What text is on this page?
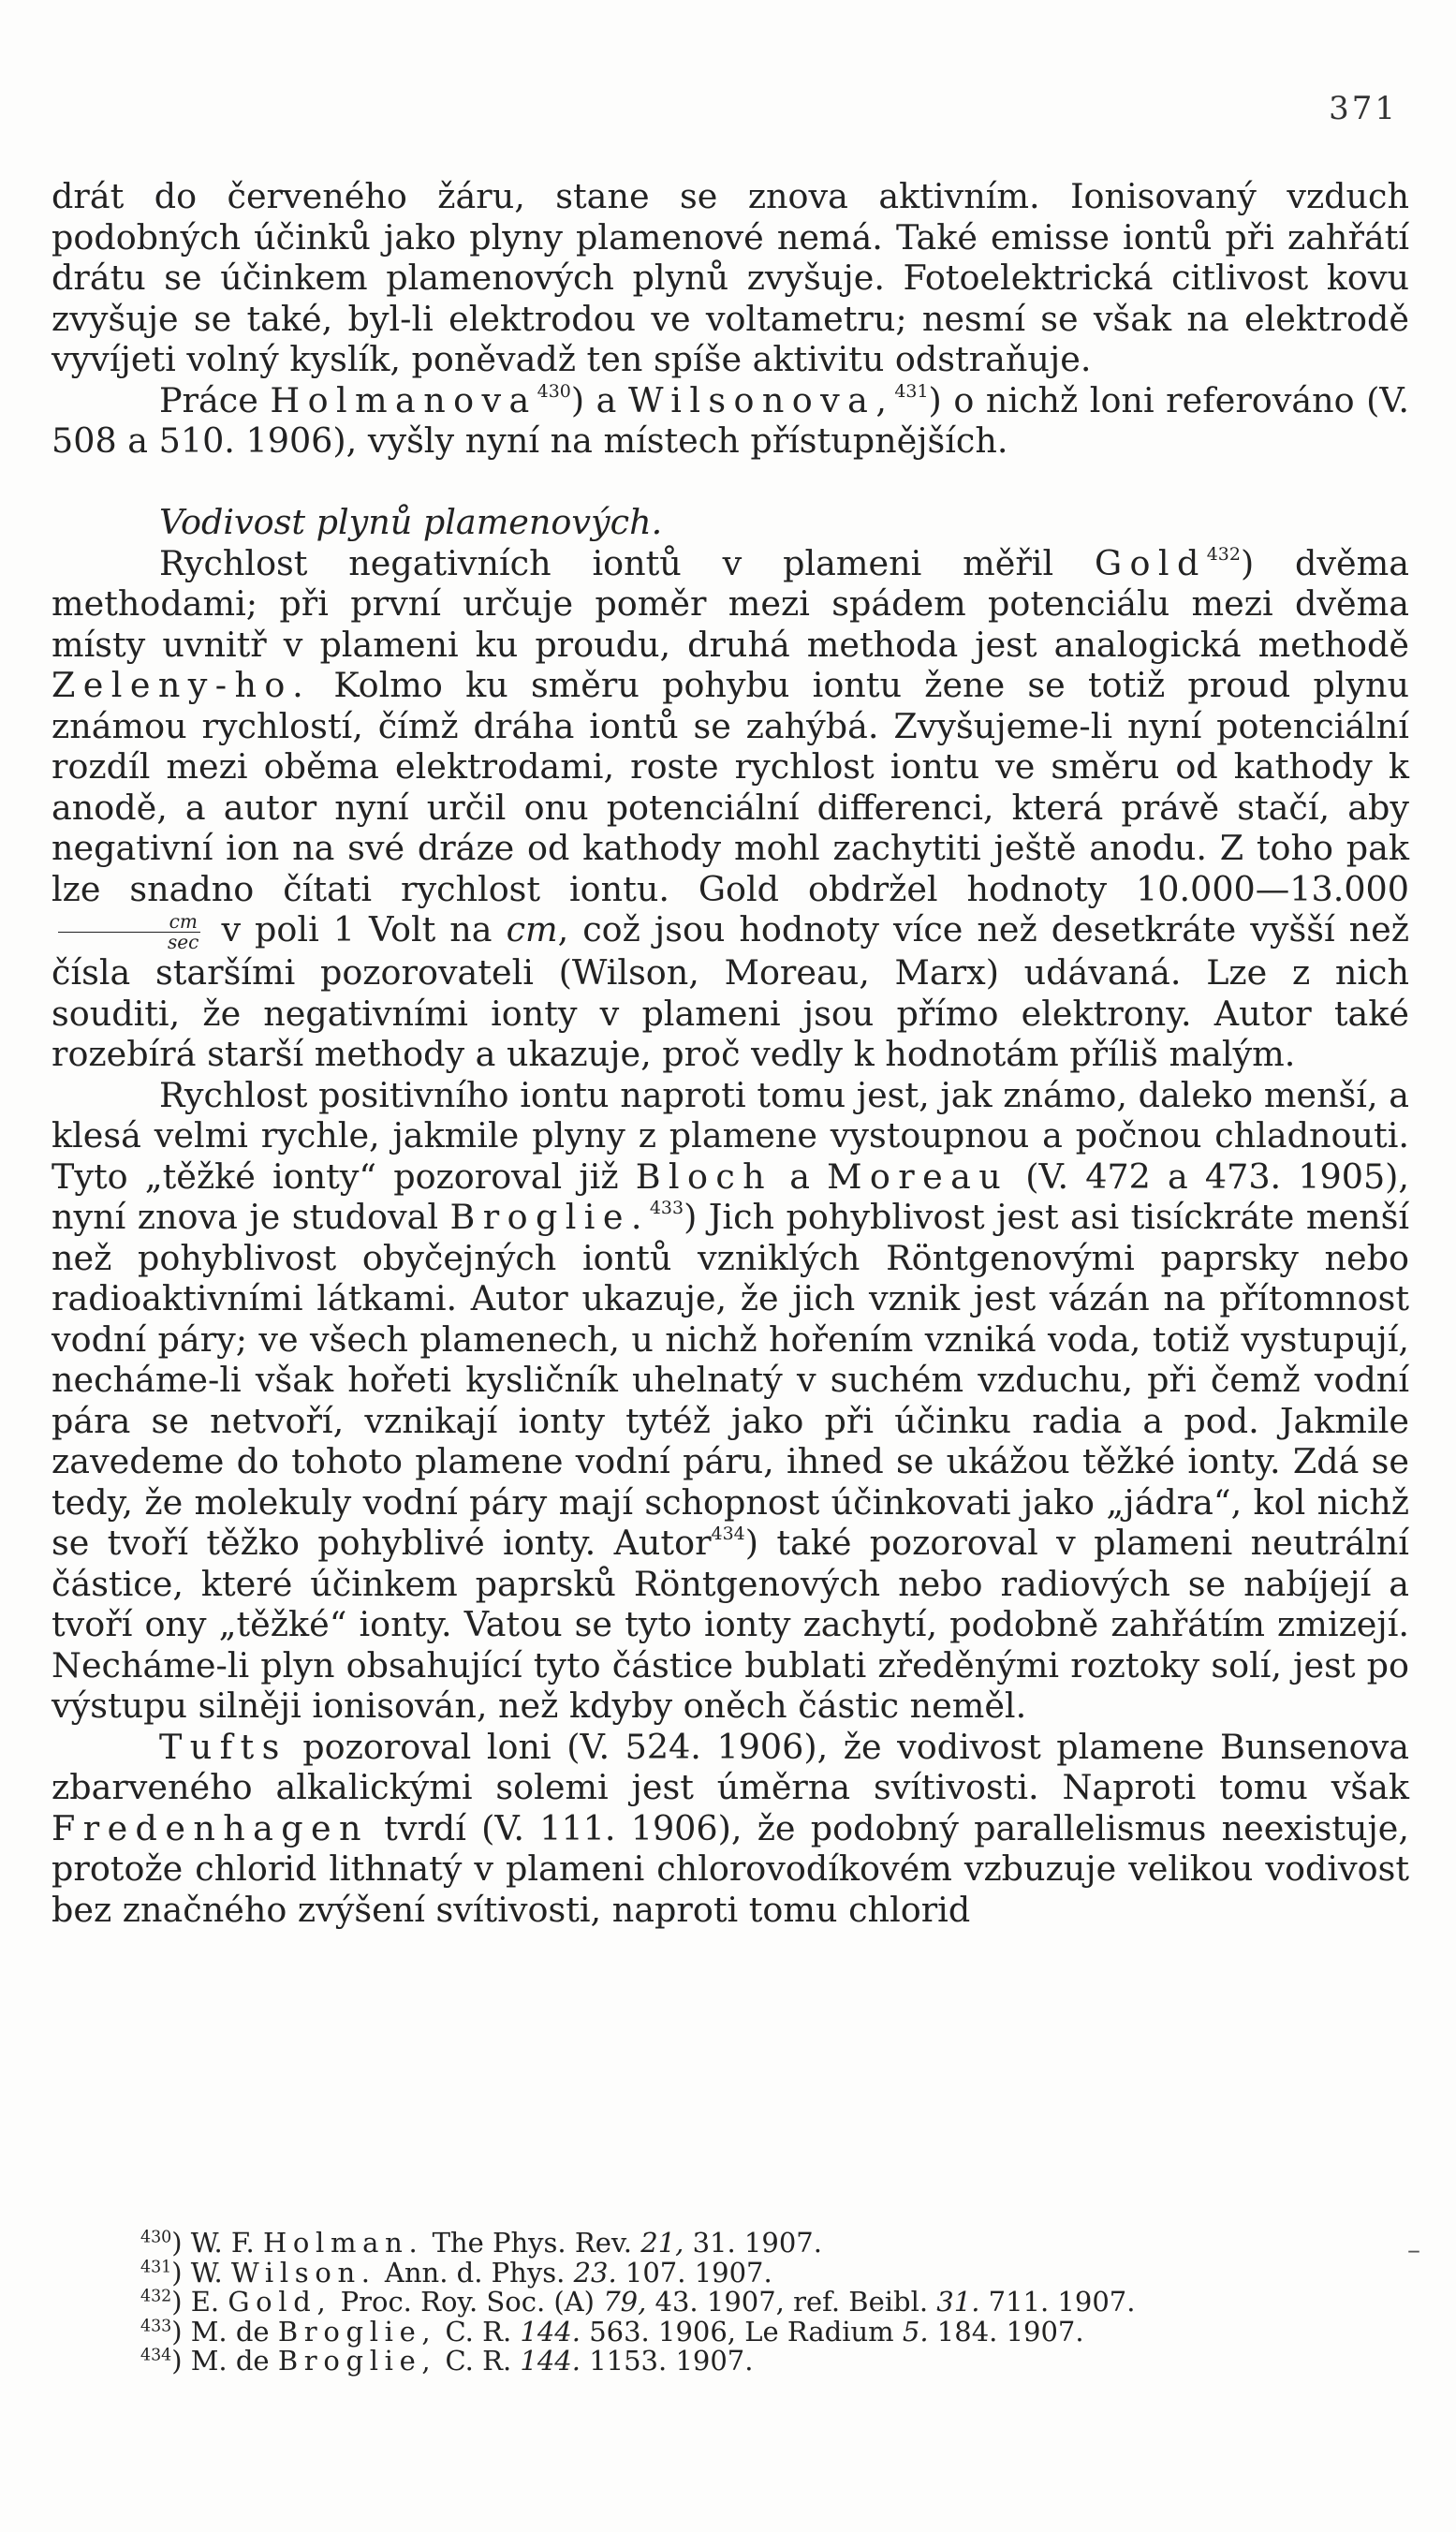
371

drát do červeného žáru, stane se znova aktivním. Ionisovaný vzduch podobných účinků jako plyny plamenové nemá. Také emisse iontů při zahřátí drátu se účinkem plamenových plynů zvyšuje. Fotoelektrická citlivost kovu zvyšuje se také, byl-li elektrodou ve voltametru; nesmí se však na elektrodě vyvíjeti volný kyslík, poněvadž ten spíše aktivitu odstraňuje.

Práce Holmanova$^{430}$) a Wilsonova,$^{431}$) o nichž loni referováno (V. 508 a 510. 1906), vyšly nyní na místech přístupnějších.

Vodivost plynů plamenových.

Rychlost negativních iontů v plameni měřil Gold$^{432}$) dvěma methodami; při první určuje poměr mezi spádem potenciálu mezi dvěma místy uvnitř v plameni ku proudu, druhá methoda jest analogická methodě Zeleny-ho. Kolmo ku směru pohybu iontu žene se totiž proud plynu známou rychlostí, čímž dráha iontů se zahýbá. Zvyšujeme-li nyní potenciální rozdíl mezi oběma elektrodami, roste rychlost iontu ve směru od kathody k anodě, a autor nyní určil onu potenciální differenci, která právě stačí, aby negativní ion na své dráze od kathody mohl zachytiti ještě anodu. Z toho pak lze snadno čítati rychlost iontu. Gold obdržel hodnoty 10.000—13.000
$\frac{cm}{\sec}$ v poli 1 Volt na cm, což jsou hodnoty více než desetkráte vyšší než čísla staršími pozorovateli (Wilson, Moreau, Marx) udávaná. Lze z nich souditi, že negativními ionty v plameni jsou přímo elektrony. Autor také rozebírá starší methody a ukazuje, proč vedly k hodnotám příliš malým.

Rychlost positivního iontu naproti tomu jest, jak známo, daleko menší, a klesá velmi rychle, jakmile plyny z plamene vystoupnou a počnou chladnouti. Tyto „těžké ionty“ pozoroval již Bloch a Moreau (V. 472 a 473. 1905), nyní znova je studoval Broglie.$^{433}$) Jich pohyblivost jest asi tisíckráte menší než pohyblivost obyčejných iontů vzniklých Röntgenovými paprsky nebo radioaktivními látkami. Autor ukazuje, že jich vznik jest vázán na přítomnost vodní páry; ve všech plamenech, u nichž hořením vzniká voda, totiž vystupují, necháme-li však hořeti kysličník uhelnatý v suchém vzduchu, při čemž vodní pára se netvoří, vznikají ionty tytéž jako při účinku radia a pod. Jakmile zavedeme do tohoto plamene vodní páru, ihned se ukážou těžké ionty. Zdá se tedy, že molekuly vodní páry mají schopnost účinkovati jako „jádra“, kol nichž se tvoří těžko pohyblivé ionty. Autor$^{434}$) také pozoroval v plameni neutrální částice, které účinkem paprsků Röntgenových nebo radiových se nabíjejí a tvoří ony „těžké“ ionty. Vatou se tyto ionty zachytí, podobně zahřátím zmizejí. Necháme-li plyn obsahující tyto částice bublati zředěnými roztoky solí, jest po výstupu silněji ionisován, než kdyby oněch částic neměl.

Tufts pozoroval loni (V. 524. 1906), že vodivost plamene Bunsenova zbarveného alkalickými solemi jest úměrna svítivosti. Naproti tomu však Fredenhagen tvrdí (V. 111. 1906), že podobný parallelismus neexistuje, protože chlorid lithnatý v plameni chlorovodíkovém vzbuzuje velikou vodivost bez značného zvýšení svítivosti, naproti tomu chlorid

–
$^{430}$) W. F. Holman. The Phys. Rev. 21, 31. 1907.
$^{431}$) W. Wilson. Ann. d. Phys. 23. 107. 1907.
$^{432}$) E. Gold, Proc. Roy. Soc. (A) 79, 43. 1907, ref. Beibl. 31. 711. 1907.
$^{433}$) M. de Broglie, C. R. 144. 563. 1906, Le Radium 5. 184. 1907.
$^{434}$) M. de Broglie, C. R. 144. 1153. 1907.
